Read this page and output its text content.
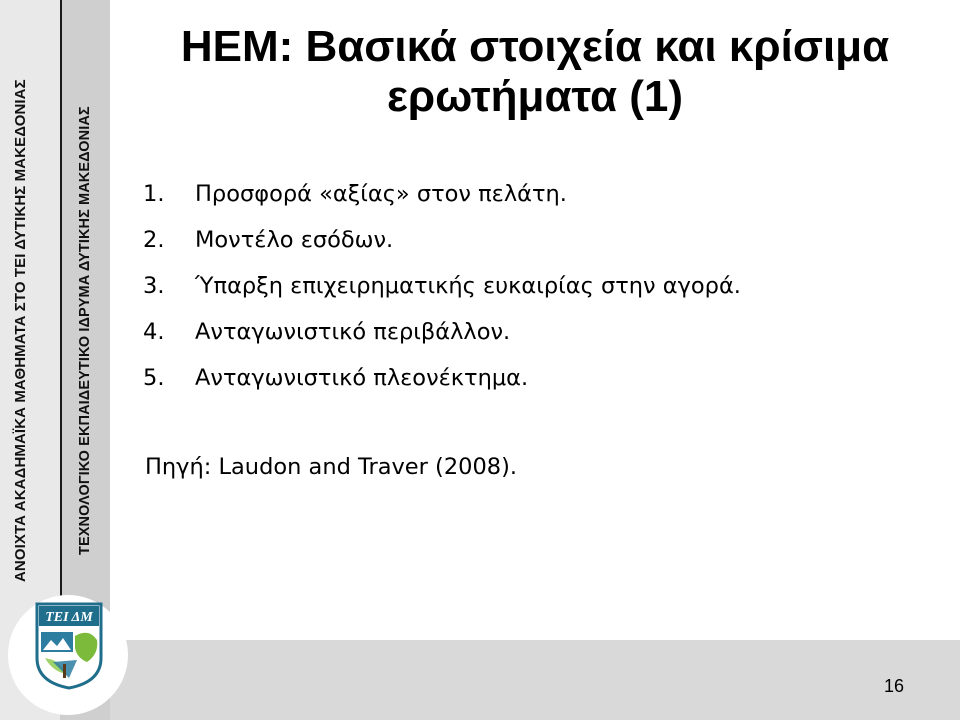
ΑΝΟΙΧΤΑ ΑΚΑΔΗΜΑΪΚΑ ΜΑΘΗΜΑΤΑ ΣΤΟ ΤΕΙ ΔΥΤΙΚΗΣ ΜΑΚΕΔΟΝΙΑΣ	ΤΕΧΝΟΛΟΓΙΚΟ ΕΚΠΑΙΔΕΥΤΙΚΟ ΙΔΡΥΜΑ ΔΥΤΙΚΗΣ ΜΑΚΕΔΟΝΙΑΣ
16
ΤΕΙ ΔΜ
HEM: Βασικά στοιχεία και κρίσιμα
ερωτήματα (1)
1. Προσφορά «αξίας» στον πελάτη.
2. Μοντέλο εσόδων.
3. Ύπαρξη επιχειρηματικής ευκαιρίας στην αγορά.
4. Ανταγωνιστικό περιβάλλον.
5. Ανταγωνιστικό πλεονέκτημα.
Πηγή: Laudon and Traver (2008).
